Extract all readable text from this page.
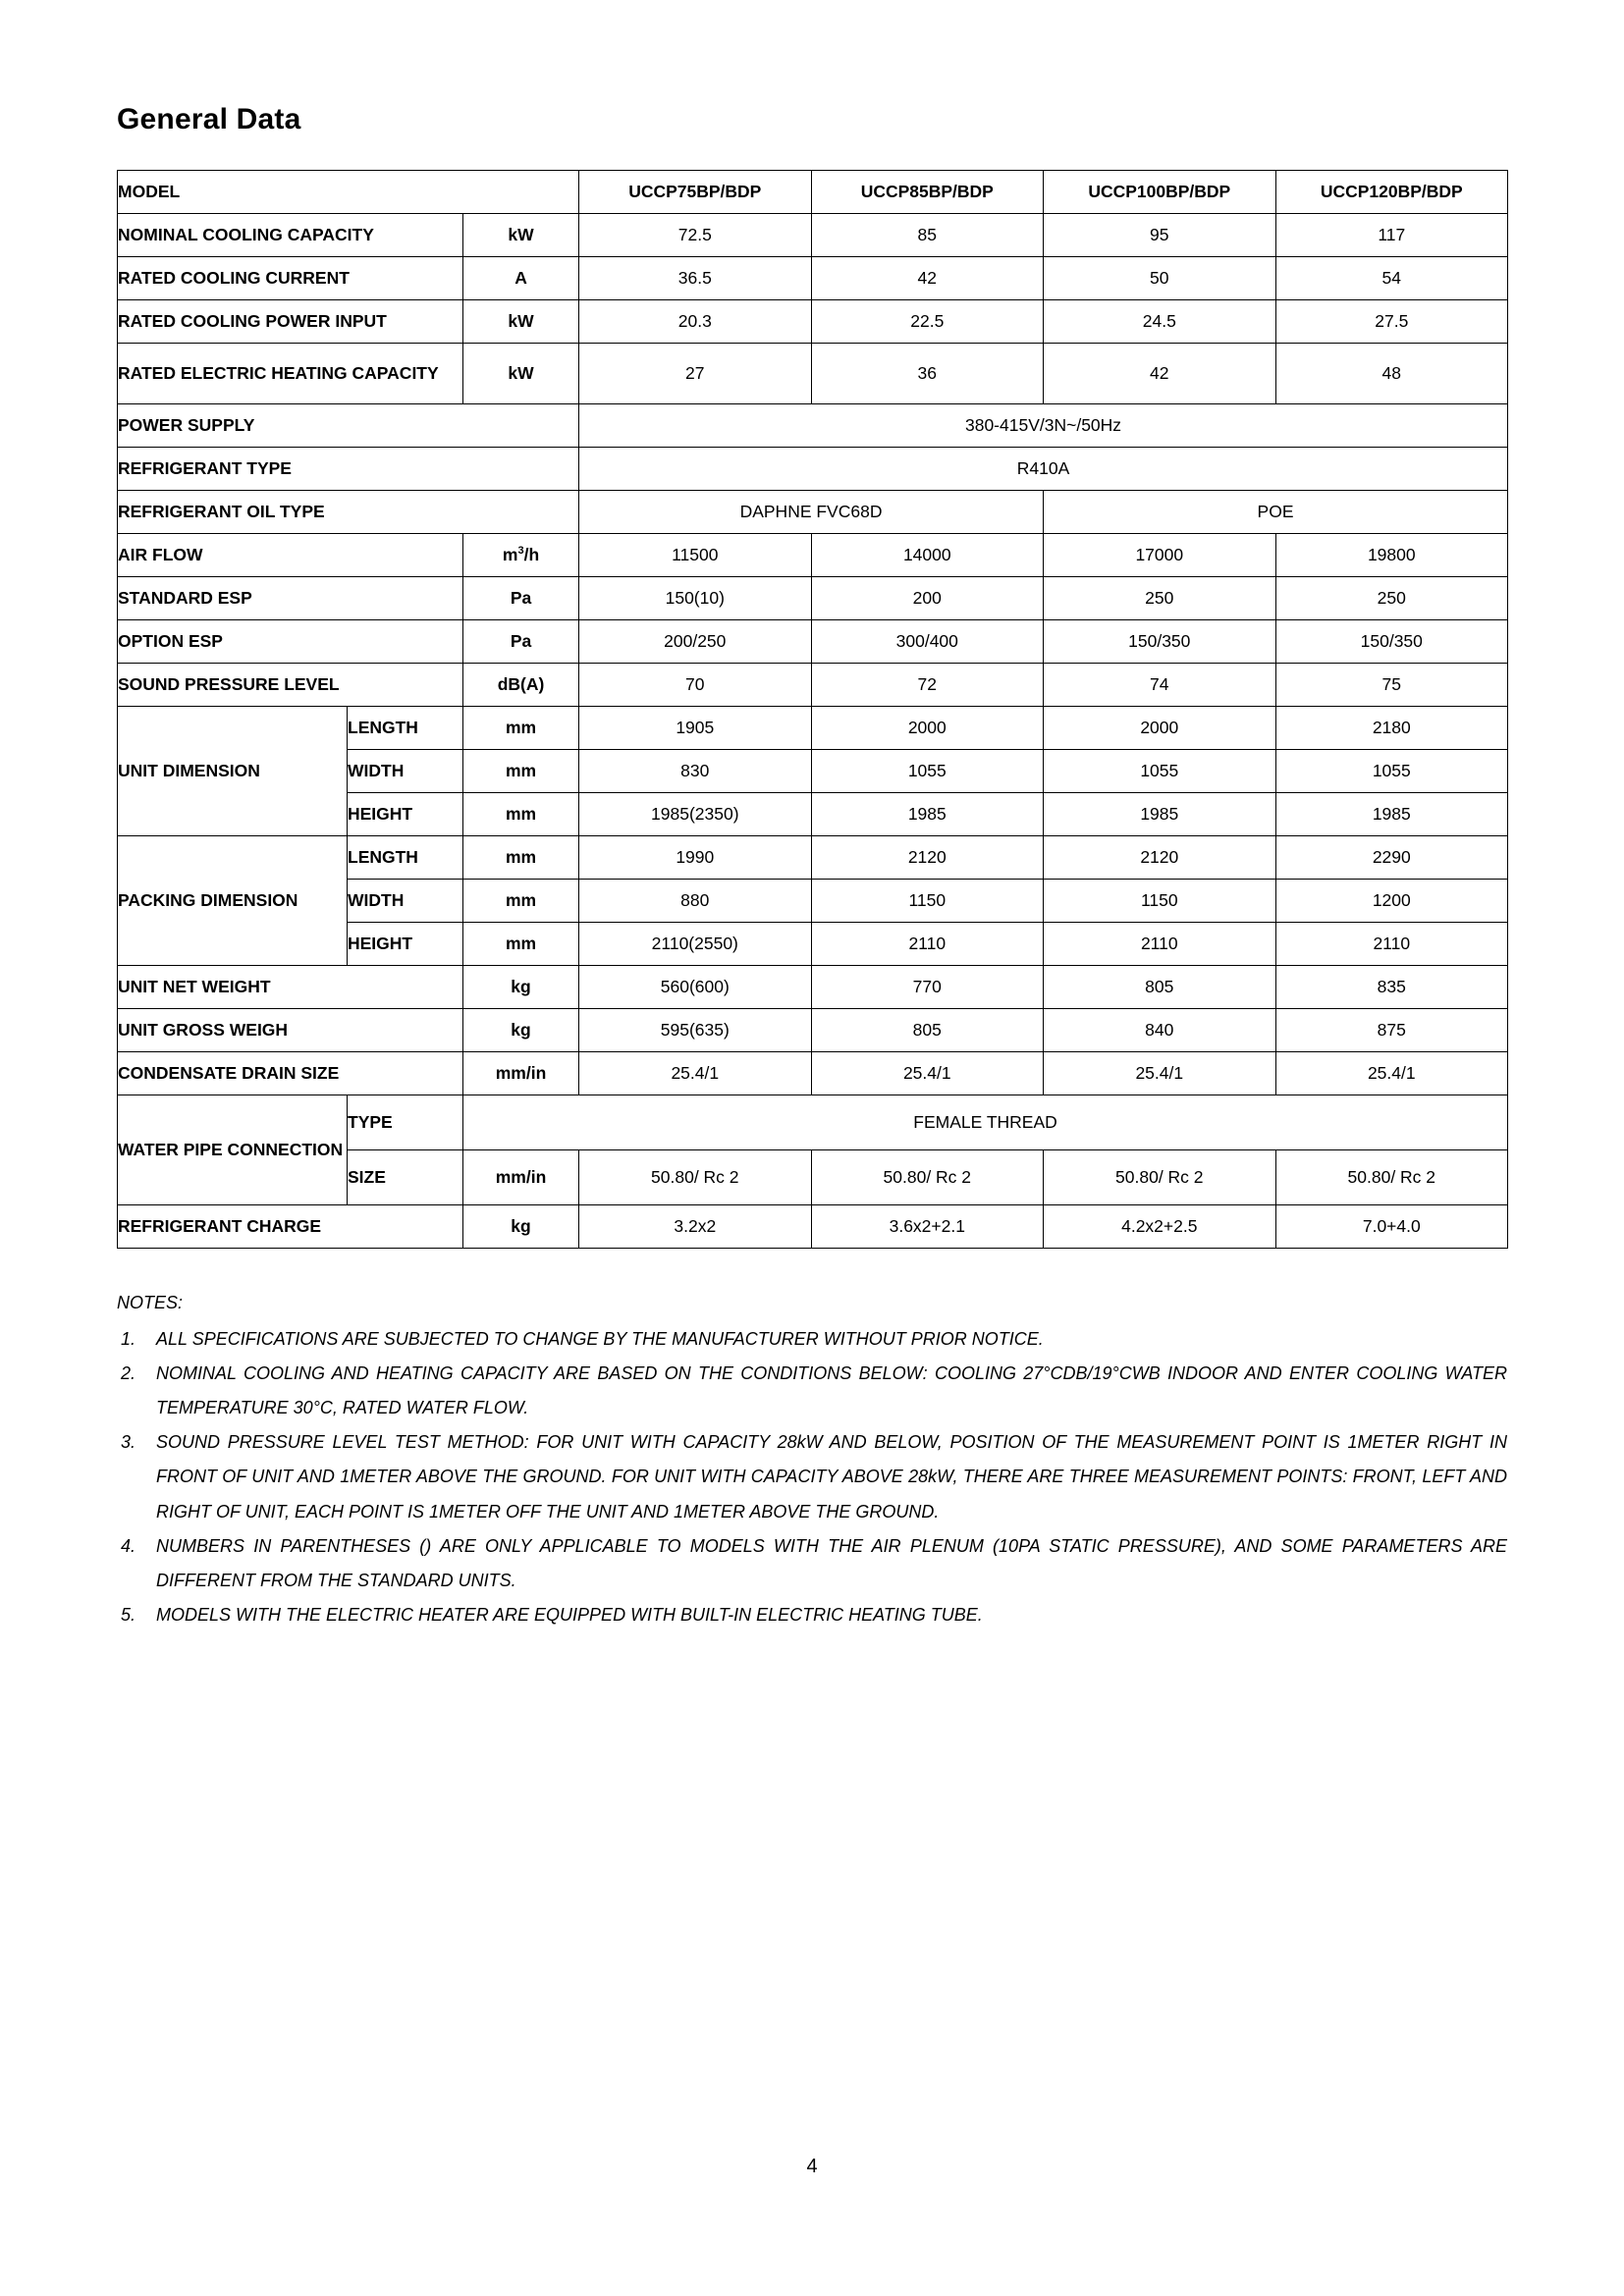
General Data
MODEL			UCCP75BP/BDP	UCCP85BP/BDP	UCCP100BP/BDP	UCCP120BP/BDP
NOMINAL COOLING CAPACITY		kW	72.5	85	95	117
RATED COOLING CURRENT		A	36.5	42	50	54
RATED COOLING POWER INPUT		kW	20.3	22.5	24.5	27.5
RATED ELECTRIC HEATING CAPACITY		kW	27	36	42	48
POWER SUPPLY			380-415V/3N~/50Hz			
REFRIGERANT TYPE			R410A			
REFRIGERANT OIL TYPE			DAPHNE FVC68D		POE	
AIR FLOW		$m^3/h$	11500	14000	17000	19800
STANDARD ESP		Pa	150(10)	200	250	250
OPTION ESP		Pa	200/250	300/400	150/350	150/350
SOUND PRESSURE LEVEL		dB(A)	70	72	74	75
UNIT DIMENSION	LENGTH	mm	1905	2000	2000	2180
	WIDTH	mm	830	1055	1055	1055
	HEIGHT	mm	1985(2350)	1985	1985	1985
PACKING DIMENSION	LENGTH	mm	1990	2120	2120	2290
	WIDTH	mm	880	1150	1150	1200
	HEIGHT	mm	2110(2550)	2110	2110	2110
UNIT NET WEIGHT		kg	560(600)	770	805	835
UNIT GROSS WEIGH		kg	595(635)	805	840	875
CONDENSATE DRAIN SIZE		mm/in	25.4/1	25.4/1	25.4/1	25.4/1
WATER PIPE CONNECTION	TYPE	FEMALE THREAD				
	SIZE	mm/in	50.80/ Rc 2	50.80/ Rc 2	50.80/ Rc 2	50.80/ Rc 2
REFRIGERANT CHARGE		kg	3.2x2	3.6x2+2.1	4.2x2+2.5	7.0+4.0
NOTES:
1.	ALL SPECIFICATIONS ARE SUBJECTED TO CHANGE BY THE MANUFACTURER WITHOUT PRIOR NOTICE.
2.	NOMINAL COOLING AND HEATING CAPACITY ARE BASED ON THE CONDITIONS BELOW: COOLING 27°CDB/19°CWB INDOOR AND ENTER COOLING WATER TEMPERATURE 30°C, RATED WATER FLOW.
3.	SOUND PRESSURE LEVEL TEST METHOD: FOR UNIT WITH CAPACITY 28kW AND BELOW, POSITION OF THE MEASUREMENT POINT IS 1METER RIGHT IN FRONT OF UNIT AND 1METER ABOVE THE GROUND. FOR UNIT WITH CAPACITY ABOVE 28kW, THERE ARE THREE MEASUREMENT POINTS: FRONT, LEFT AND RIGHT OF UNIT, EACH POINT IS 1METER OFF THE UNIT AND 1METER ABOVE THE GROUND.
4.	NUMBERS IN PARENTHESES () ARE ONLY APPLICABLE TO MODELS WITH THE AIR PLENUM (10PA STATIC PRESSURE), AND SOME PARAMETERS ARE DIFFERENT FROM THE STANDARD UNITS.
5.	MODELS WITH THE ELECTRIC HEATER ARE EQUIPPED WITH BUILT-IN ELECTRIC HEATING TUBE.
4
